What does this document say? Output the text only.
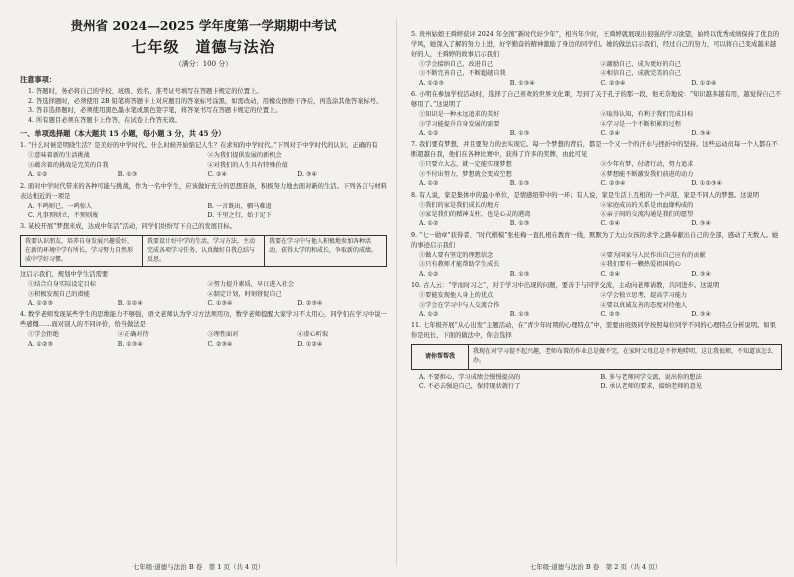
贵州省 2024—2025 学年度第一学期期中考试
七年级　道德与法治
（满分：100 分）
注意事项：

1. 答题时，务必将自己的学校、班级、姓名、准考证号填写在答题卡规定的位置上。

2. 答选择题时，必须使用 2B 铅笔将答题卡上对应题目的答案标号涂黑，如需改动，用橡皮擦擦干净后，再选涂其他答案标号。

3. 答非选择题时，必须使用黑色墨水笔或黑色签字笔，将答案书写在答题卡规定的位置上。

4. 所有题目必须在答题卡上作答，在试卷上作答无效。

一、单项选择题（本大题共 15 小题，每小题 3 分，共 45 分）

1. “什么时候是明晓生活？是美好的中学时代。什么时候开始惦记人生？在求知的中学时代。”下列对于中学时代的认识，正确的有

①意味着新的生活挑战	②为我们提供发展的新机会
③蕴含着的挑战是完美的自我	④对我们的人生具有特殊价值
A. ①②	B. ①③	C. ②④	D. ③④

2. 面对中学时代带来的各种可能与挑战，作为一名中学生，应该做好充分的思想准备，积极努力地去面对新的生活。下列各言与材料表达相近的一项是

A. 不鸣则已，一鸣惊人	B. 一言既出，驷马难追
C. 凡事预则立，不预则废	D. 千里之行，始于足下

3. 某校开展“梦想来成，达成中年活”活动，同学们纷纷写下自己的发展目标。

我要认识朋友，培养自身发展兴趣爱好，在新的环境中学有所长，学习努力自然形成中学好习惯。	我要设计好中学的生活，学习方法，主动完成各项学习任务，认真做好自我总结与反思。	我要在学习中与他人积极地参加各种活动，获得大学的和成长，争取新的成绩。

这启示我们，规划中学生活需要

①结合自身实际设定目标	②努力提升素质，早日进入社会
③积极发现自己的潜能	④制定计划，时刻督促自己
A. ①②③	B. ①②④	C. ①③④	D. ②③④

4. 数学老师发现某些学生的思维能力不够强，语文老师认为学习方法须用功，数学老师提醒大家学习不太用心，同学们在学习中说一些感慨……面对别人的不同评价，恰当做法是

①学会拒绝	②正确对待	③理性面对	④虚心听取
A. ①②③	B. ①③④	C. ②③④	D. ①②④
七年级·道德与法治 B 卷　第 1 页（共 4 页）

5. 贵州姑娘王舜婷获评 2024 年全国“新时代好少年”，相当年少时，王舜婷就展现出很强的学习欲望，始终以优秀成绩保持了优良的学风，她深入了解的努力上进，好学勤奋的精神激励了身边的同学们。她的做法启示我们，经过自己的努力，可以将自己变成越来越好的人，王舜婷的故事启示我们

①学会接纳自己，改进自己	②激励自己，成为更好的自己
③不断完善自己，不断超越自我	④相信自己，成就完美的自己
A. ①②③	B. ①③④	C. ②③④	D. ①②④

6. 小明在参加学校活动时，选择了自己喜欢的世界文化课，写到了关于孔子的那一段，他无奈地说：“知识越多越有用，越觉得自己不够用了。”这说明了

①知识是一种永远追求的美好	②取得认知，有利于我们完成目标
③学习能提升自身发展的需要	④学习是一个不断积累的过程
A. ①②	B. ①③	C. ②④	D. ③④

7. 我们要有梦想，并且要努力的去实现它。每一个梦想的背后，都是一个又一个的汗水与挫折中的坚持。这些运动员每一个人都在不断超越自我，他们在各种比赛中，获得了许多的奖牌，由此可见

①只要立大志，就一定能实现梦想	②少年有梦，付诸行动，努力追求
③不付出努力，梦想就会变成空想	④梦想能不断激发我们前进的动力
A. ①②	B. ①③	C. ②③④	D. ①②③④

8. 有人说，家是集体中的最小单位，是情感纽带中的一环；有人说，家是生活上互相的一个声港，家是不同人的梦想。这说明

①我们的家是我们成长的地方	②家庭成员的关系是由血缘构成的
③家是我们的精神支柱，也是心灵的港湾	④亲子间的交流沟通是我们的愿望
A. ①②	B. ①③	C. ②④	D. ③④

9. “七一勋章”获得者、“时代楷模”张桂梅一直扎根在教育一线，默默为了大山女孩的求学之路奉献出自己的全部，感动了无数人。她的事迹启示我们

①做人要有坚定的理想信念	②要为国家与人民作出自己应有的贡献
③只有教师才能帮助学生成长	④我们要有一颗热爱祖国的心
A. ①②	B. ①③	C. ②④	D. ③④

10. 古人云：“学而时习之”，对于学习中出现的问题，要善于与同学交流，主动向老师请教，共同进步。这说明

①要能发现他人身上的优点	②学会独立思考，提高学习能力
③学会在学习中与人交流合作	④要以真诚友善的态度对待他人
A. ①②	B. ①③	C. ②③	D. ③④

11. 七年级开展“从心出发”主题活动，在“青少年时期的心理特点”中，需要由班级同学按照每位同学不同的心理特点分析说明。如果你是班长，下面的做法中，你会选择

请你帮帮我	我现在对学习提不起兴趣，老师布置的作业总是做不完，在家时父母总是不停地唠叨，这让我很烦，不知道该怎么办。
A. 不要担心，学习成绩会慢慢提高的	B. 多与老师同学交流，说出你的想法
C. 不必去强迫自己，保持现状就行了	D. 承认老师的要求，接纳老师的意见
七年级·道德与法治 B 卷　第 2 页（共 4 页）
